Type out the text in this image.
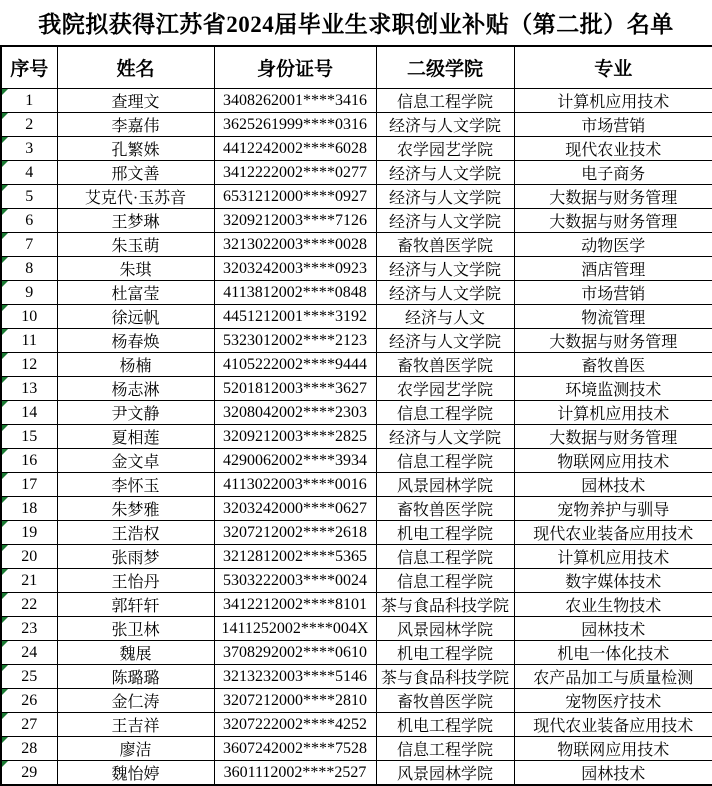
我院拟获得江苏省2024届毕业生求职创业补贴（第二批）名单
序号	姓名	身份证号	二级学院	专业

1	查理文	3408262001****3416	信息工程学院	计算机应用技术

2	李嘉伟	3625261999****0316	经济与人文学院	市场营销

3	孔繁姝	4412242002****6028	农学园艺学院	现代农业技术

4	邢文善	3412222002****0277	经济与人文学院	电子商务

5	艾克代·玉苏音	6531212000****0927	经济与人文学院	大数据与财务管理

6	王梦琳	3209212003****7126	经济与人文学院	大数据与财务管理

7	朱玉萌	3213022003****0028	畜牧兽医学院	动物医学

8	朱琪	3203242003****0923	经济与人文学院	酒店管理

9	杜富莹	4113812002****0848	经济与人文学院	市场营销

10	徐远帆	4451212001****3192	经济与人文	物流管理

11	杨春焕	5323012002****2123	经济与人文学院	大数据与财务管理

12	杨楠	4105222002****9444	畜牧兽医学院	畜牧兽医

13	杨志淋	5201812003****3627	农学园艺学院	环境监测技术

14	尹文静	3208042002****2303	信息工程学院	计算机应用技术

15	夏相莲	3209212003****2825	经济与人文学院	大数据与财务管理

16	金文卓	4290062002****3934	信息工程学院	物联网应用技术

17	李怀玉	4113022003****0016	风景园林学院	园林技术

18	朱梦雅	3203242000****0627	畜牧兽医学院	宠物养护与驯导

19	王浩权	3207212002****2618	机电工程学院	现代农业装备应用技术

20	张雨梦	3212812002****5365	信息工程学院	计算机应用技术

21	王怡丹	5303222003****0024	信息工程学院	数字媒体技术

22	郭轩轩	3412212002****8101	茶与食品科技学院	农业生物技术

23	张卫林	1411252002****004X	风景园林学院	园林技术

24	魏展	3708292002****0610	机电工程学院	机电一体化技术

25	陈璐璐	3213232003****5146	茶与食品科技学院	农产品加工与质量检测

26	金仁涛	3207212000****2810	畜牧兽医学院	宠物医疗技术

27	王吉祥	3207222002****4252	机电工程学院	现代农业装备应用技术

28	廖洁	3607242002****7528	信息工程学院	物联网应用技术

29	魏怡婷	3601112002****2527	风景园林学院	园林技术
